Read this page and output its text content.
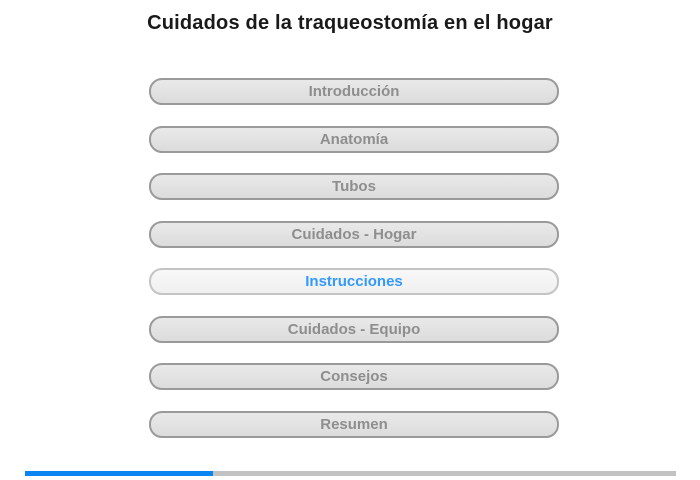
Cuidados de la traqueostomía en el hogar
Introducción
Anatomía
Tubos
Cuidados - Hogar
Instrucciones
Cuidados - Equipo
Consejos
Resumen
